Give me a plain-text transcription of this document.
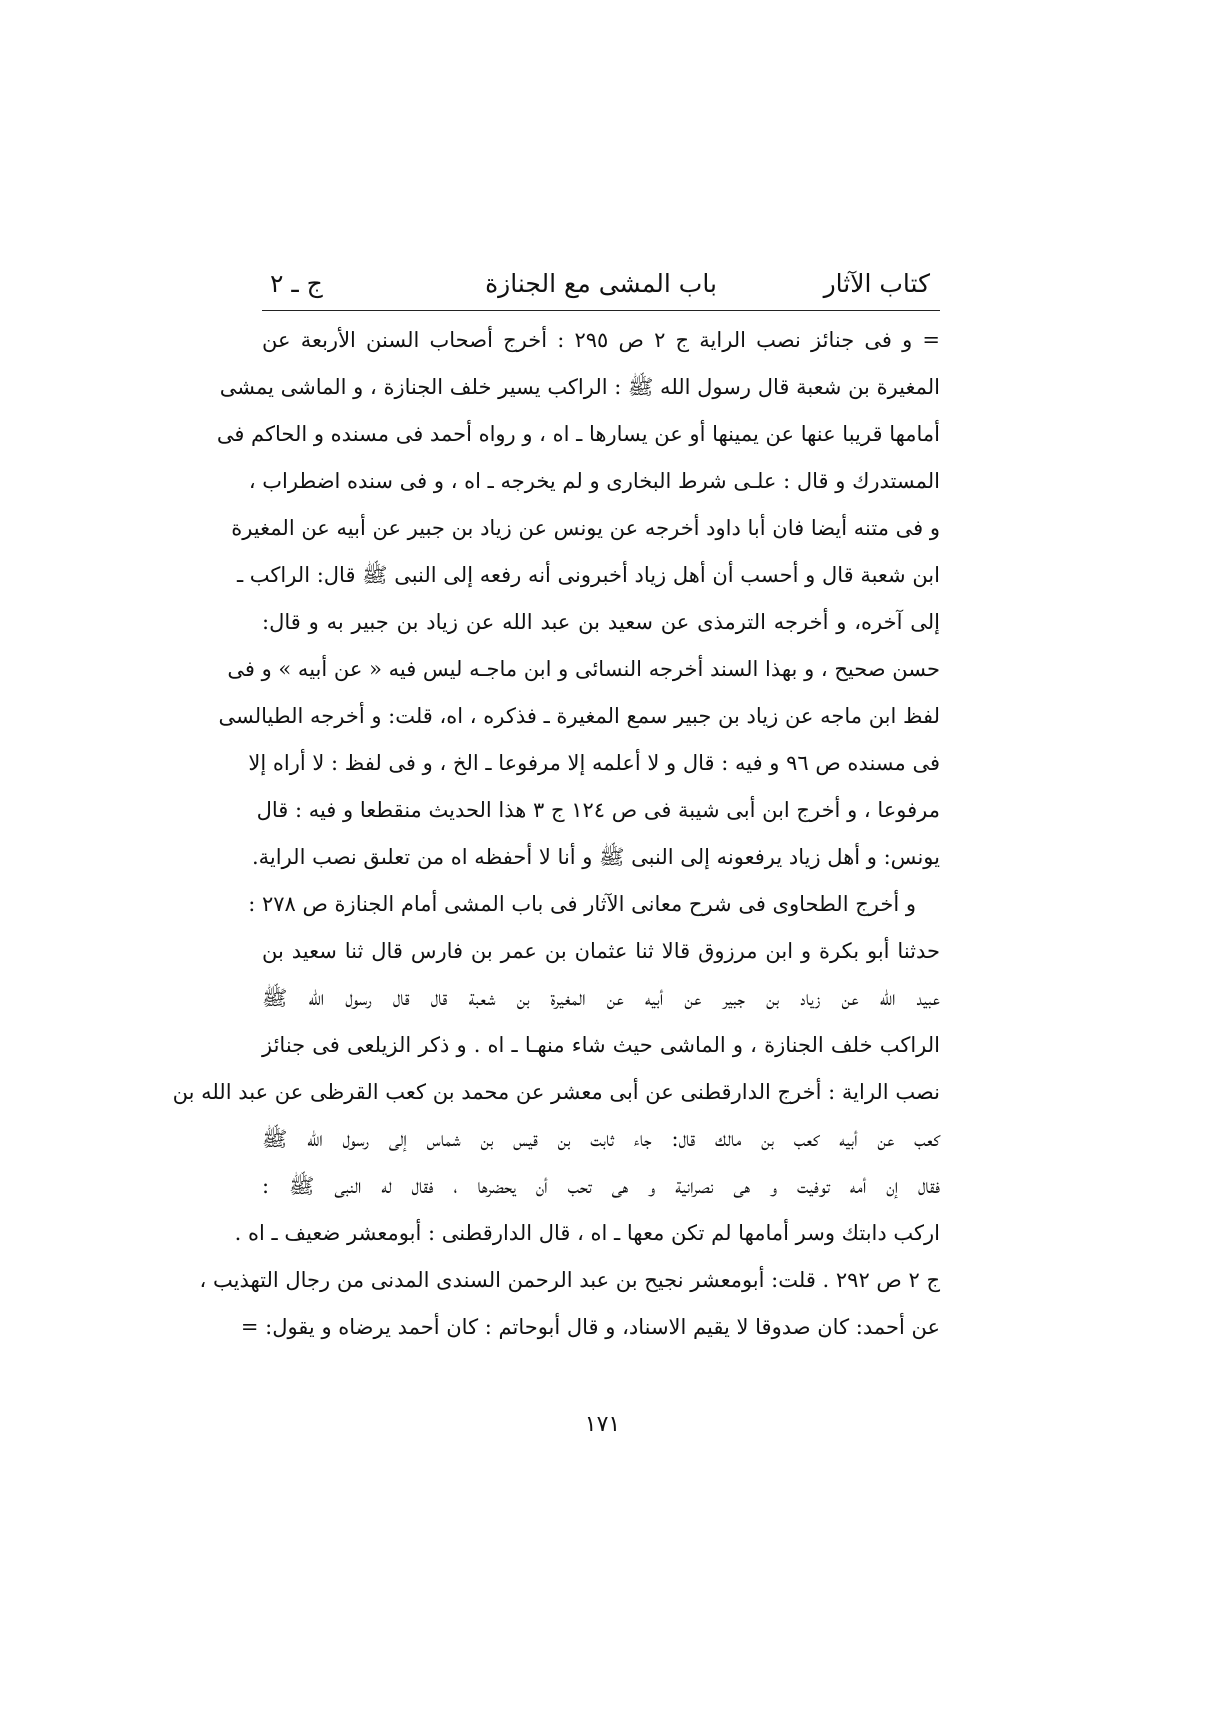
كتاب الآثار
باب المشى مع الجنازة
ج ـ ٢
= و فى جنائز نصب الراية ج ٢ ص ٢٩٥ : أخرج أصحاب السنن الأربعة عن
المغيرة بن شعبة قال رسول الله ﷺ : الراكب يسير خلف الجنازة ، و الماشى يمشى
أمامها قريبا عنها عن يمينها أو عن يسارها ـ اه ، و رواه أحمد فى مسنده و الحاكم فى
المستدرك و قال : علـى شرط البخارى و لم يخرجه ـ اه ، و فى سنده اضطراب ،
و فى متنه أيضا فان أبا داود أخرجه عن يونس عن زياد بن جبير عن أبيه عن المغيرة
ابن شعبة قال و أحسب أن أهل زياد أخبرونى أنه رفعه إلى النبى ﷺ قال: الراكب ـ
إلى آخره، و أخرجه الترمذى عن سعيد بن عبد الله عن زياد بن جبير به و قال:
حسن صحيح ، و بهذا السند أخرجه النسائى و ابن ماجـه ليس فيه « عن أبيه » و فى
لفظ ابن ماجه عن زياد بن جبير سمع المغيرة ـ فذكره ، اه، قلت: و أخرجه الطيالسى
فى مسنده ص ٩٦ و فيه : قال و لا أعلمه إلا مرفوعا ـ الخ ، و فى لفظ : لا أراه إلا
مرفوعا ، و أخرج ابن أبى شيبة فى ص ١٢٤ ج ٣ هذا الحديث منقطعا و فيه : قال
يونس: و أهل زياد يرفعونه إلى النبى ﷺ و أنا لا أحفظه اه من تعلىق نصب الراية.
و أخرج الطحاوى فى شرح معانى الآثار فى باب المشى أمام الجنازة ص ٢٧٨ :
حدثنا أبو بكرة و ابن مرزوق قالا ثنا عثمان بن عمر بن فارس قال ثنا سعيد بن
عبيد الله عن زياد بن جبير عن أبيه عن المغيرة بن شعبة قال قال رسول الله ﷺ
الراكب خلف الجنازة ، و الماشى حيث شاء منهـا ـ اه . و ذكر الزيلعى فى جنائز
نصب الراية : أخرج الدارقطنى عن أبى معشر عن محمد بن كعب القرظى عن عبد الله بن
كعب عن أبيه كعب بن مالك قال: جاء ثابت بن قيس بن شماس إلى رسول الله ﷺ
فقال إن أمه توفيت و هى نصرانية و هى تحب أن يحضرها ، فقال له النبى ﷺ :
اركب دابتك وسر أمامها لم تكن معها ـ اه ، قال الدارقطنى : أبومعشر ضعيف ـ اه .
ج ٢ ص ٢٩٢ . قلت: أبومعشر نجيح بن عبد الرحمن السندى المدنى من رجال التهذيب ،
عن أحمد: كان صدوقا لا يقيم الاسناد، و قال أبوحاتم : كان أحمد يرضاه و يقول: =
١٧١
